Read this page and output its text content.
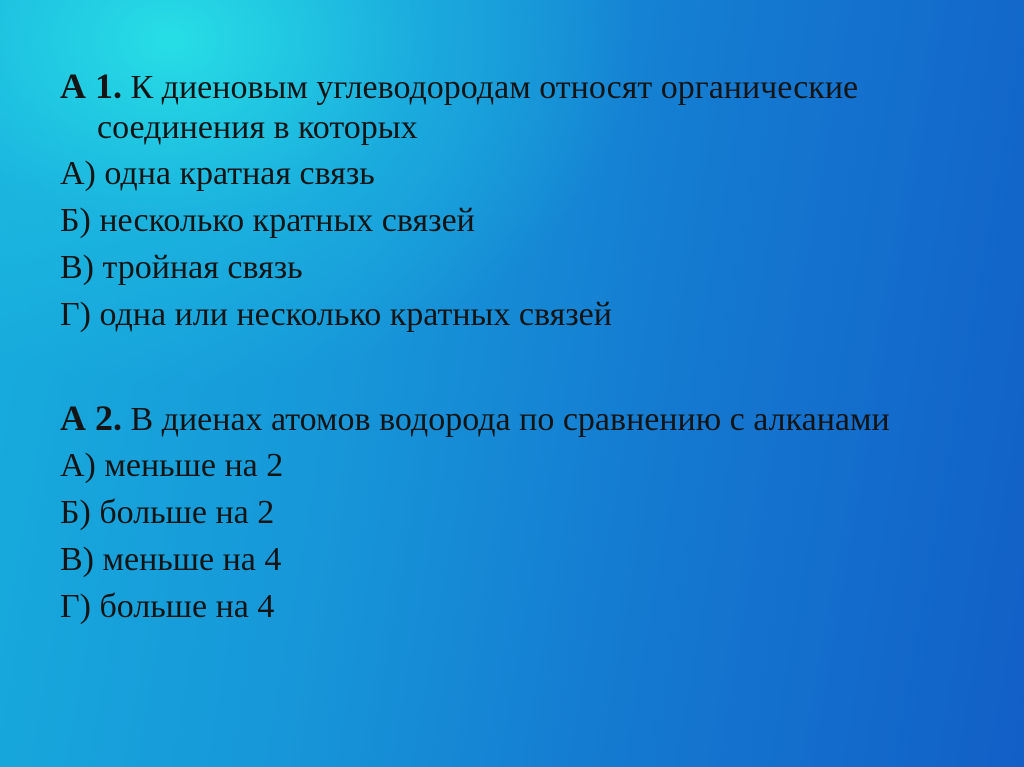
А 1. К диеновым углеводородам относят органические соединения в которых

А) одна кратная связь
Б) несколько кратных связей
В) тройная связь
Г) одна или несколько кратных связей

А 2. В диенах атомов водорода по сравнению с алканами

А) меньше на 2
Б) больше на 2
В) меньше на 4
Г) больше на 4
